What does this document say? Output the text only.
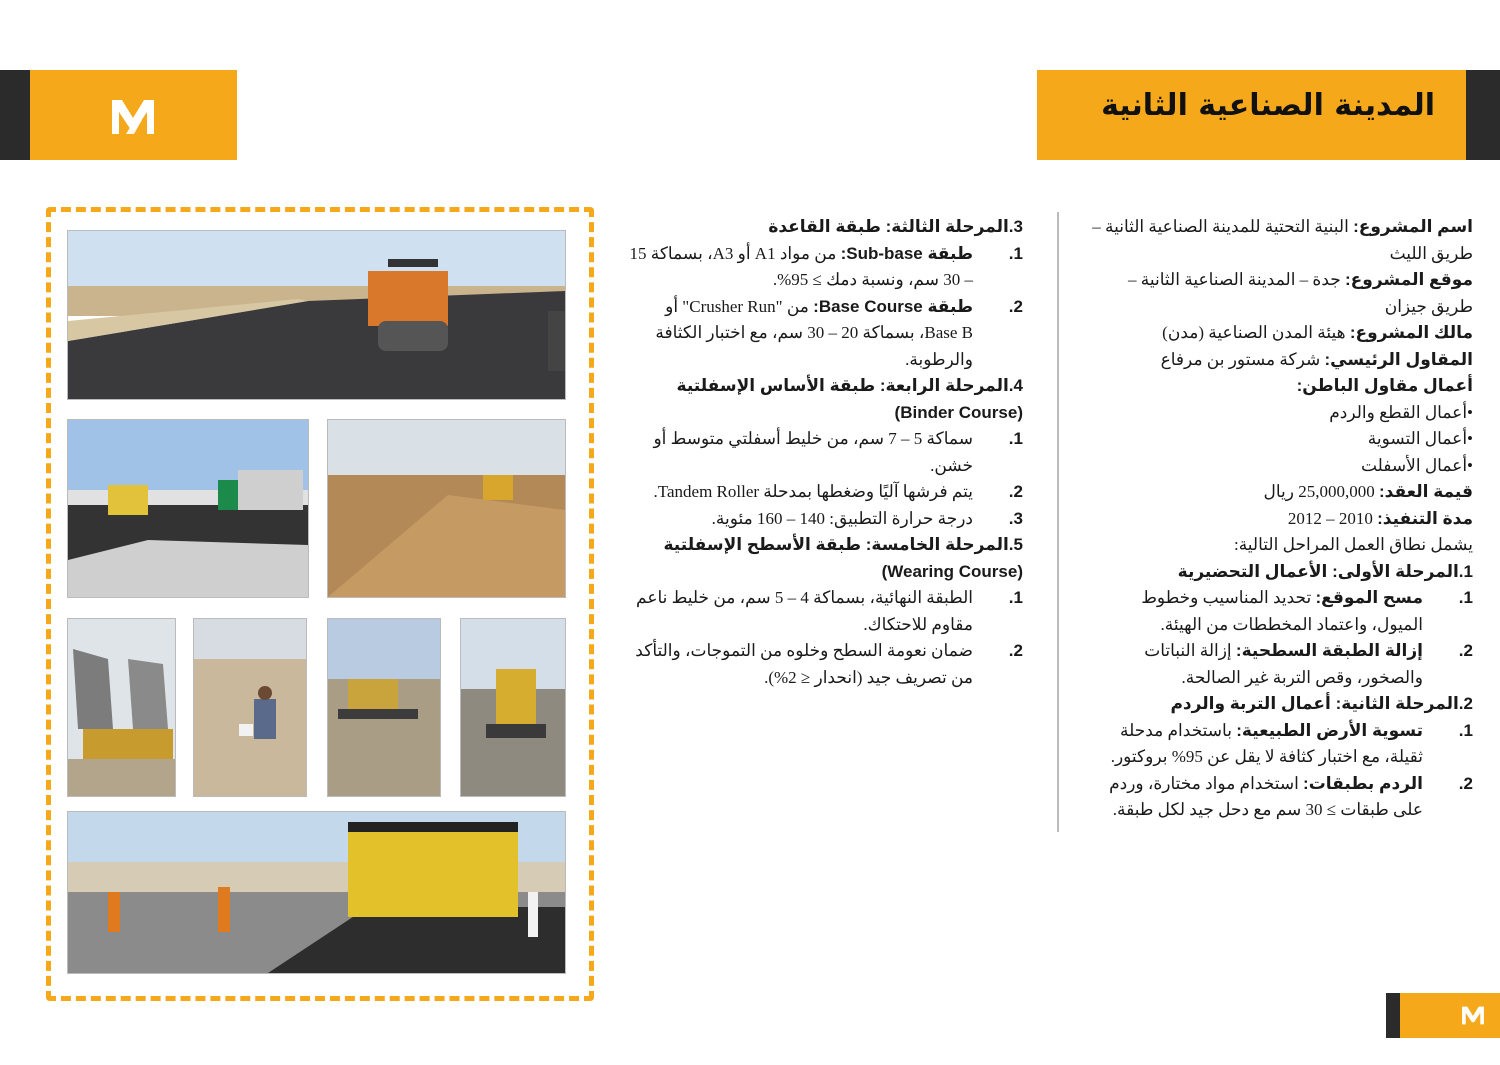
المدينة الصناعية الثانية

اسم المشروع: البنية التحتية للمدينة الصناعية الثانية – طريق الليث

موقع المشروع: جدة – المدينة الصناعية الثانية – طريق جيزان

مالك المشروع: هيئة المدن الصناعية (مدن)

المقاول الرئيسي: شركة مستور بن مرفاع

أعمال مقاول الباطن:

•أعمال القطع والردم

•أعمال التسوية

•أعمال الأسفلت

قيمة العقد: 25,000,000 ريال

مدة التنفيذ: 2010 – 2012

يشمل نطاق العمل المراحل التالية:

1.المرحلة الأولى: الأعمال التحضيرية

1.
مسح الموقع: تحديد المناسيب وخطوط الميول، واعتماد المخططات من الهيئة.
2.
إزالة الطبقة السطحية: إزالة النباتات والصخور، وقص التربة غير الصالحة.

2.المرحلة الثانية: أعمال التربة والردم

1.
تسوية الأرض الطبيعية: باستخدام مدحلة ثقيلة، مع اختبار كثافة لا يقل عن 95% بروكتور.
2.
الردم بطبقات: استخدام مواد مختارة، وردم على طبقات ≥ 30 سم مع دحل جيد لكل طبقة.

3.المرحلة الثالثة: طبقة القاعدة

1.
طبقة Sub-base: من مواد A1 أو A3، بسماكة 15 – 30 سم، ونسبة دمك ≥ 95%.
2.
طبقة Base Course: من "Crusher Run" أو Base B، بسماكة 20 – 30 سم، مع اختبار الكثافة والرطوبة.

4.المرحلة الرابعة: طبقة الأساس الإسفلتية (Binder Course)

1.
سماكة 5 – 7 سم، من خليط أسفلتي متوسط أو خشن.
2.
يتم فرشها آليًا وضغطها بمدحلة Tandem Roller.
3.
درجة حرارة التطبيق: 140 – 160 مئوية.

5.المرحلة الخامسة: طبقة الأسطح الإسفلتية (Wearing Course)

1.
الطبقة النهائية، بسماكة 4 – 5 سم، من خليط ناعم مقاوم للاحتكاك.
2.
ضمان نعومة السطح وخلوه من التموجات، والتأكد من تصريف جيد (انحدار ≤ 2%).
